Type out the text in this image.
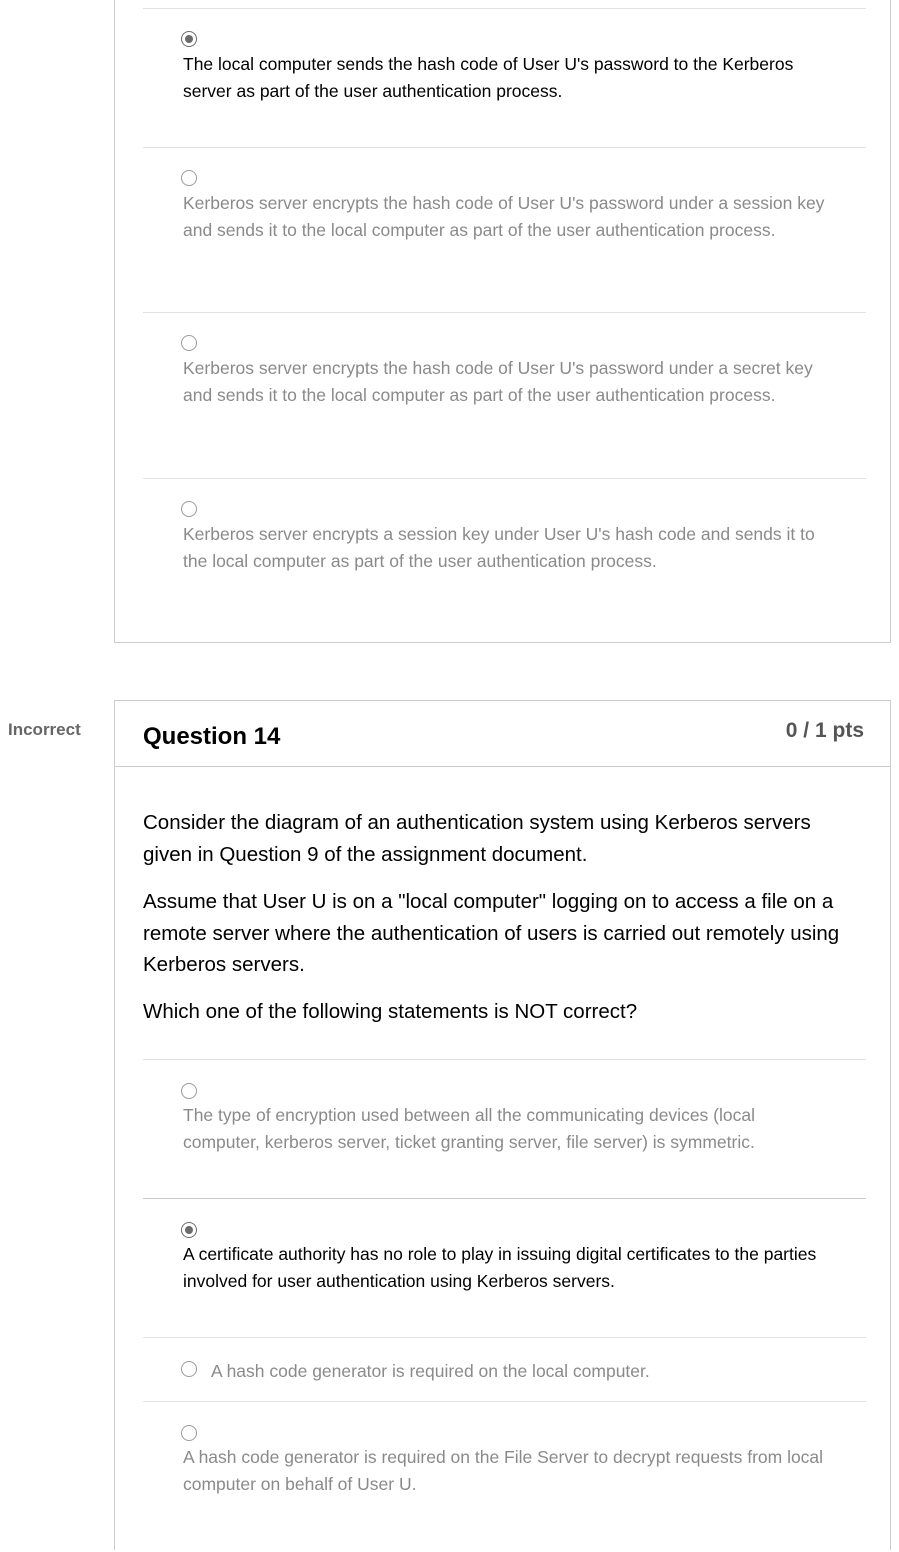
The local computer sends the hash code of User U's password to the Kerberos server as part of the user authentication process.
Kerberos server encrypts the hash code of User U's password under a session key and sends it to the local computer as part of the user authentication process.
Kerberos server encrypts the hash code of User U's password under a secret key and sends it to the local computer as part of the user authentication process.
Kerberos server encrypts a session key under User U's hash code and sends it to the local computer as part of the user authentication process.
Incorrect	Question 14	0 / 1 pts

Consider the diagram of an authentication system using Kerberos servers given in Question 9 of the assignment document.

Assume that User U is on a "local computer" logging on to access a file on a remote server where the authentication of users is carried out remotely using Kerberos servers.

Which one of the following statements is NOT correct?

The type of encryption used between all the communicating devices (local computer, kerberos server, ticket granting server, file server) is symmetric.
A certificate authority has no role to play in issuing digital certificates to the parties involved for user authentication using Kerberos servers.
A hash code generator is required on the local computer.
A hash code generator is required on the File Server to decrypt requests from local computer on behalf of User U.
